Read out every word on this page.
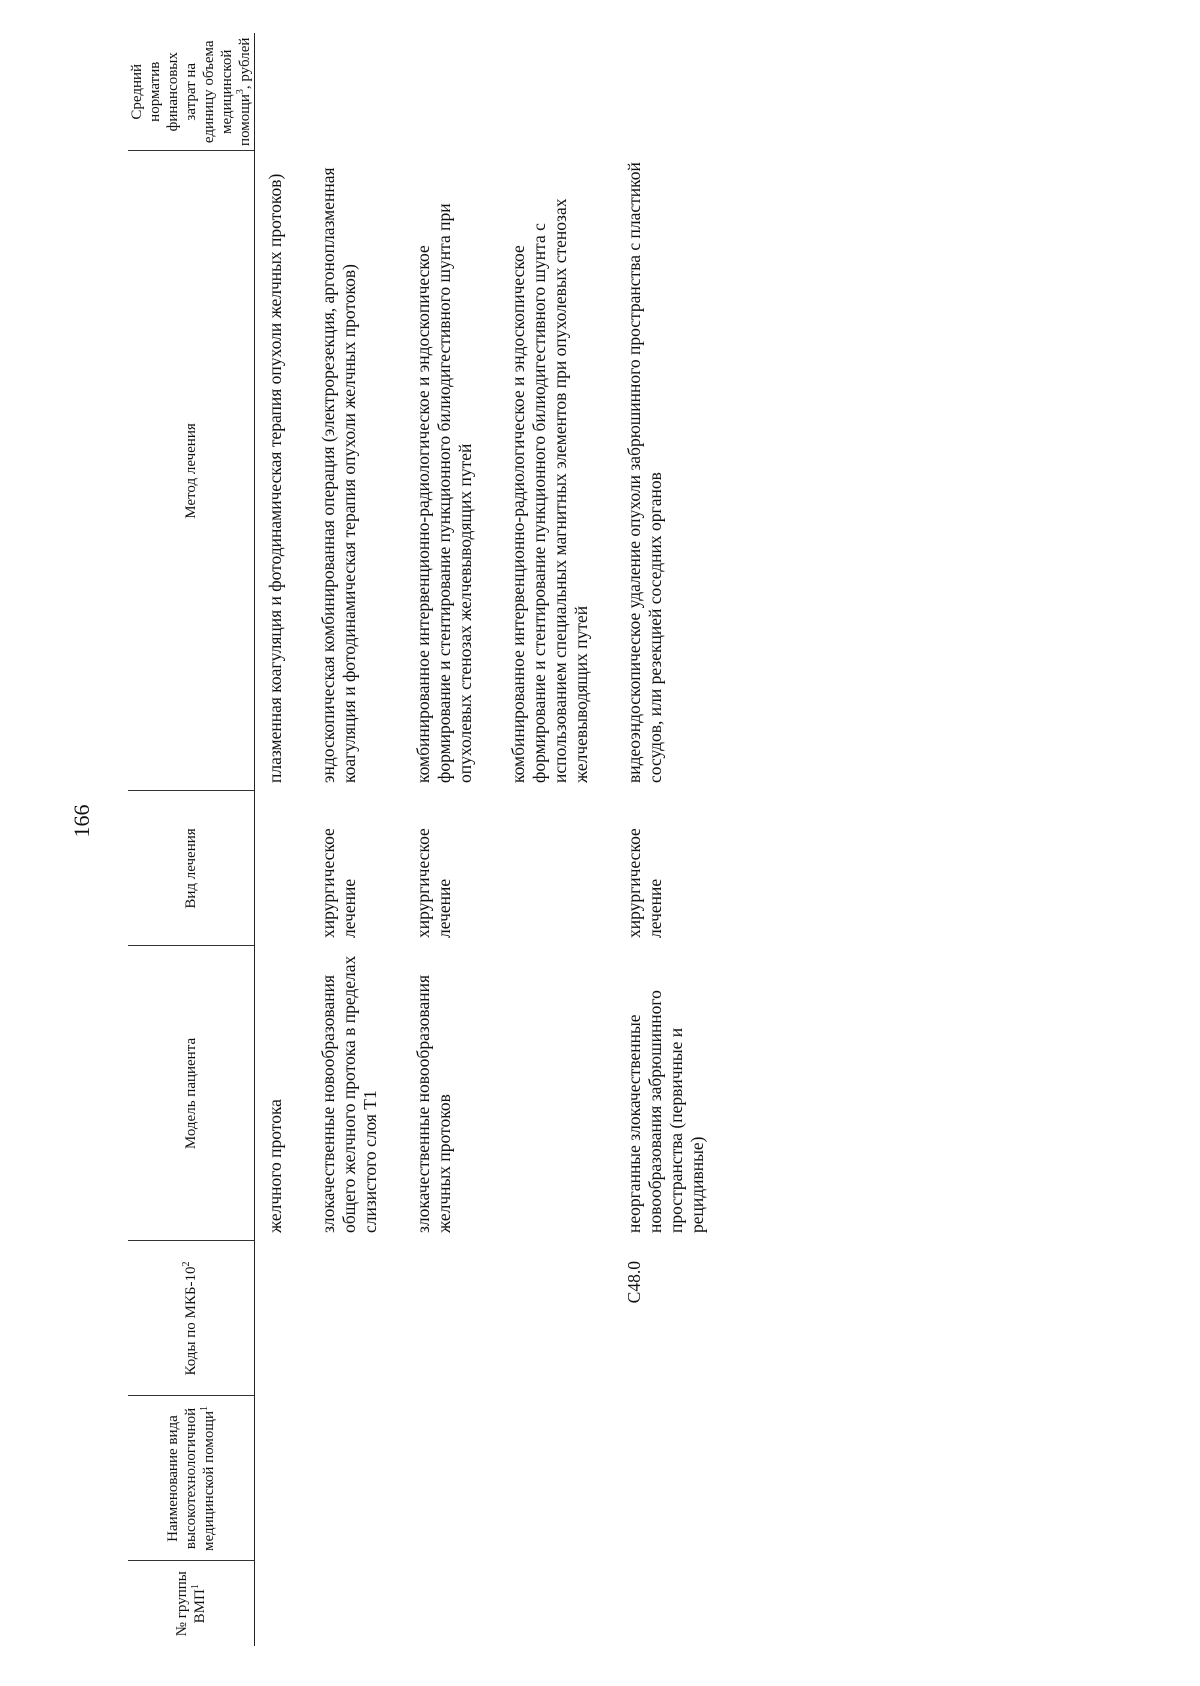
166
№ группы ВМП$^1$	Наименование вида высокотехнологичной медицинской помощи$^1$	Коды по МКБ-$10^2$	Модель пациента	Вид лечения	Метод лечения	Средний норматив финансовых затрат на единицу объема медицинской помощи$^3$, рублей
			желчного протока		плазменная коагуляция и фотодинамическая терапия опухоли желчных протоков)	
			злокачественные новообразования общего желчного протока в пределах слизистого слоя Т1	хирургическое лечение	эндоскопическая комбинированная операция (электрорезекция, аргоноплазменная коагуляция и фотодинамическая терапия опухоли желчных протоков)	
			злокачественные новообразования желчных протоков	хирургическое лечение	комбинированное интервенционно-радиологическое и эндоскопическое формирование и стентирование пункционного билиодигестивного шунта при опухолевых стенозах желчевыводящих путей	
					комбинированное интервенционно-радиологическое и эндоскопическое формирование и стентирование пункционного билиодигестивного шунта с использованием специальных магнитных элементов при опухолевых стенозах желчевыводящих путей	
		С48.0	неорганные злокачественные новообразования забрюшинного пространства (первичные и рецидивные)	хирургическое лечение	видеоэндоскопическое удаление опухоли забрюшинного пространства с пластикой сосудов, или резекцией соседних органов	
